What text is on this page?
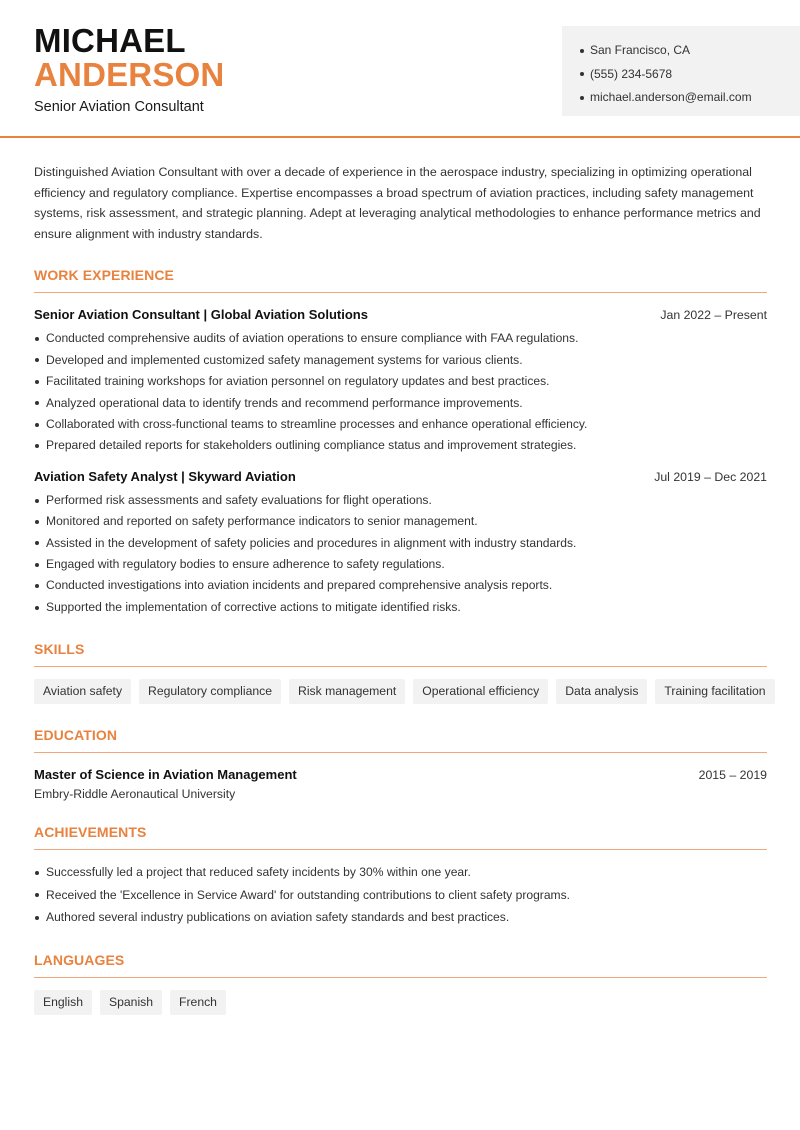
MICHAEL
ANDERSON
Senior Aviation Consultant
San Francisco, CA
(555) 234-5678
michael.anderson@email.com

Distinguished Aviation Consultant with over a decade of experience in the aerospace industry, specializing in optimizing operational efficiency and regulatory compliance. Expertise encompasses a broad spectrum of aviation practices, including safety management systems, risk assessment, and strategic planning. Adept at leveraging analytical methodologies to enhance performance metrics and ensure alignment with industry standards.

WORK EXPERIENCE
Senior Aviation Consultant | Global Aviation Solutions	Jan 2022 – Present
Conducted comprehensive audits of aviation operations to ensure compliance with FAA regulations.
Developed and implemented customized safety management systems for various clients.
Facilitated training workshops for aviation personnel on regulatory updates and best practices.
Analyzed operational data to identify trends and recommend performance improvements.
Collaborated with cross-functional teams to streamline processes and enhance operational efficiency.
Prepared detailed reports for stakeholders outlining compliance status and improvement strategies.
Aviation Safety Analyst | Skyward Aviation	Jul 2019 – Dec 2021
Performed risk assessments and safety evaluations for flight operations.
Monitored and reported on safety performance indicators to senior management.
Assisted in the development of safety policies and procedures in alignment with industry standards.
Engaged with regulatory bodies to ensure adherence to safety regulations.
Conducted investigations into aviation incidents and prepared comprehensive analysis reports.
Supported the implementation of corrective actions to mitigate identified risks.
SKILLS
Aviation safety	Regulatory compliance	Risk management	Operational efficiency	Data analysis	Training facilitation
EDUCATION
Master of Science in Aviation Management	2015 – 2019
Embry-Riddle Aeronautical University
ACHIEVEMENTS
Successfully led a project that reduced safety incidents by 30% within one year.
Received the 'Excellence in Service Award' for outstanding contributions to client safety programs.
Authored several industry publications on aviation safety standards and best practices.
LANGUAGES
English	Spanish	French
